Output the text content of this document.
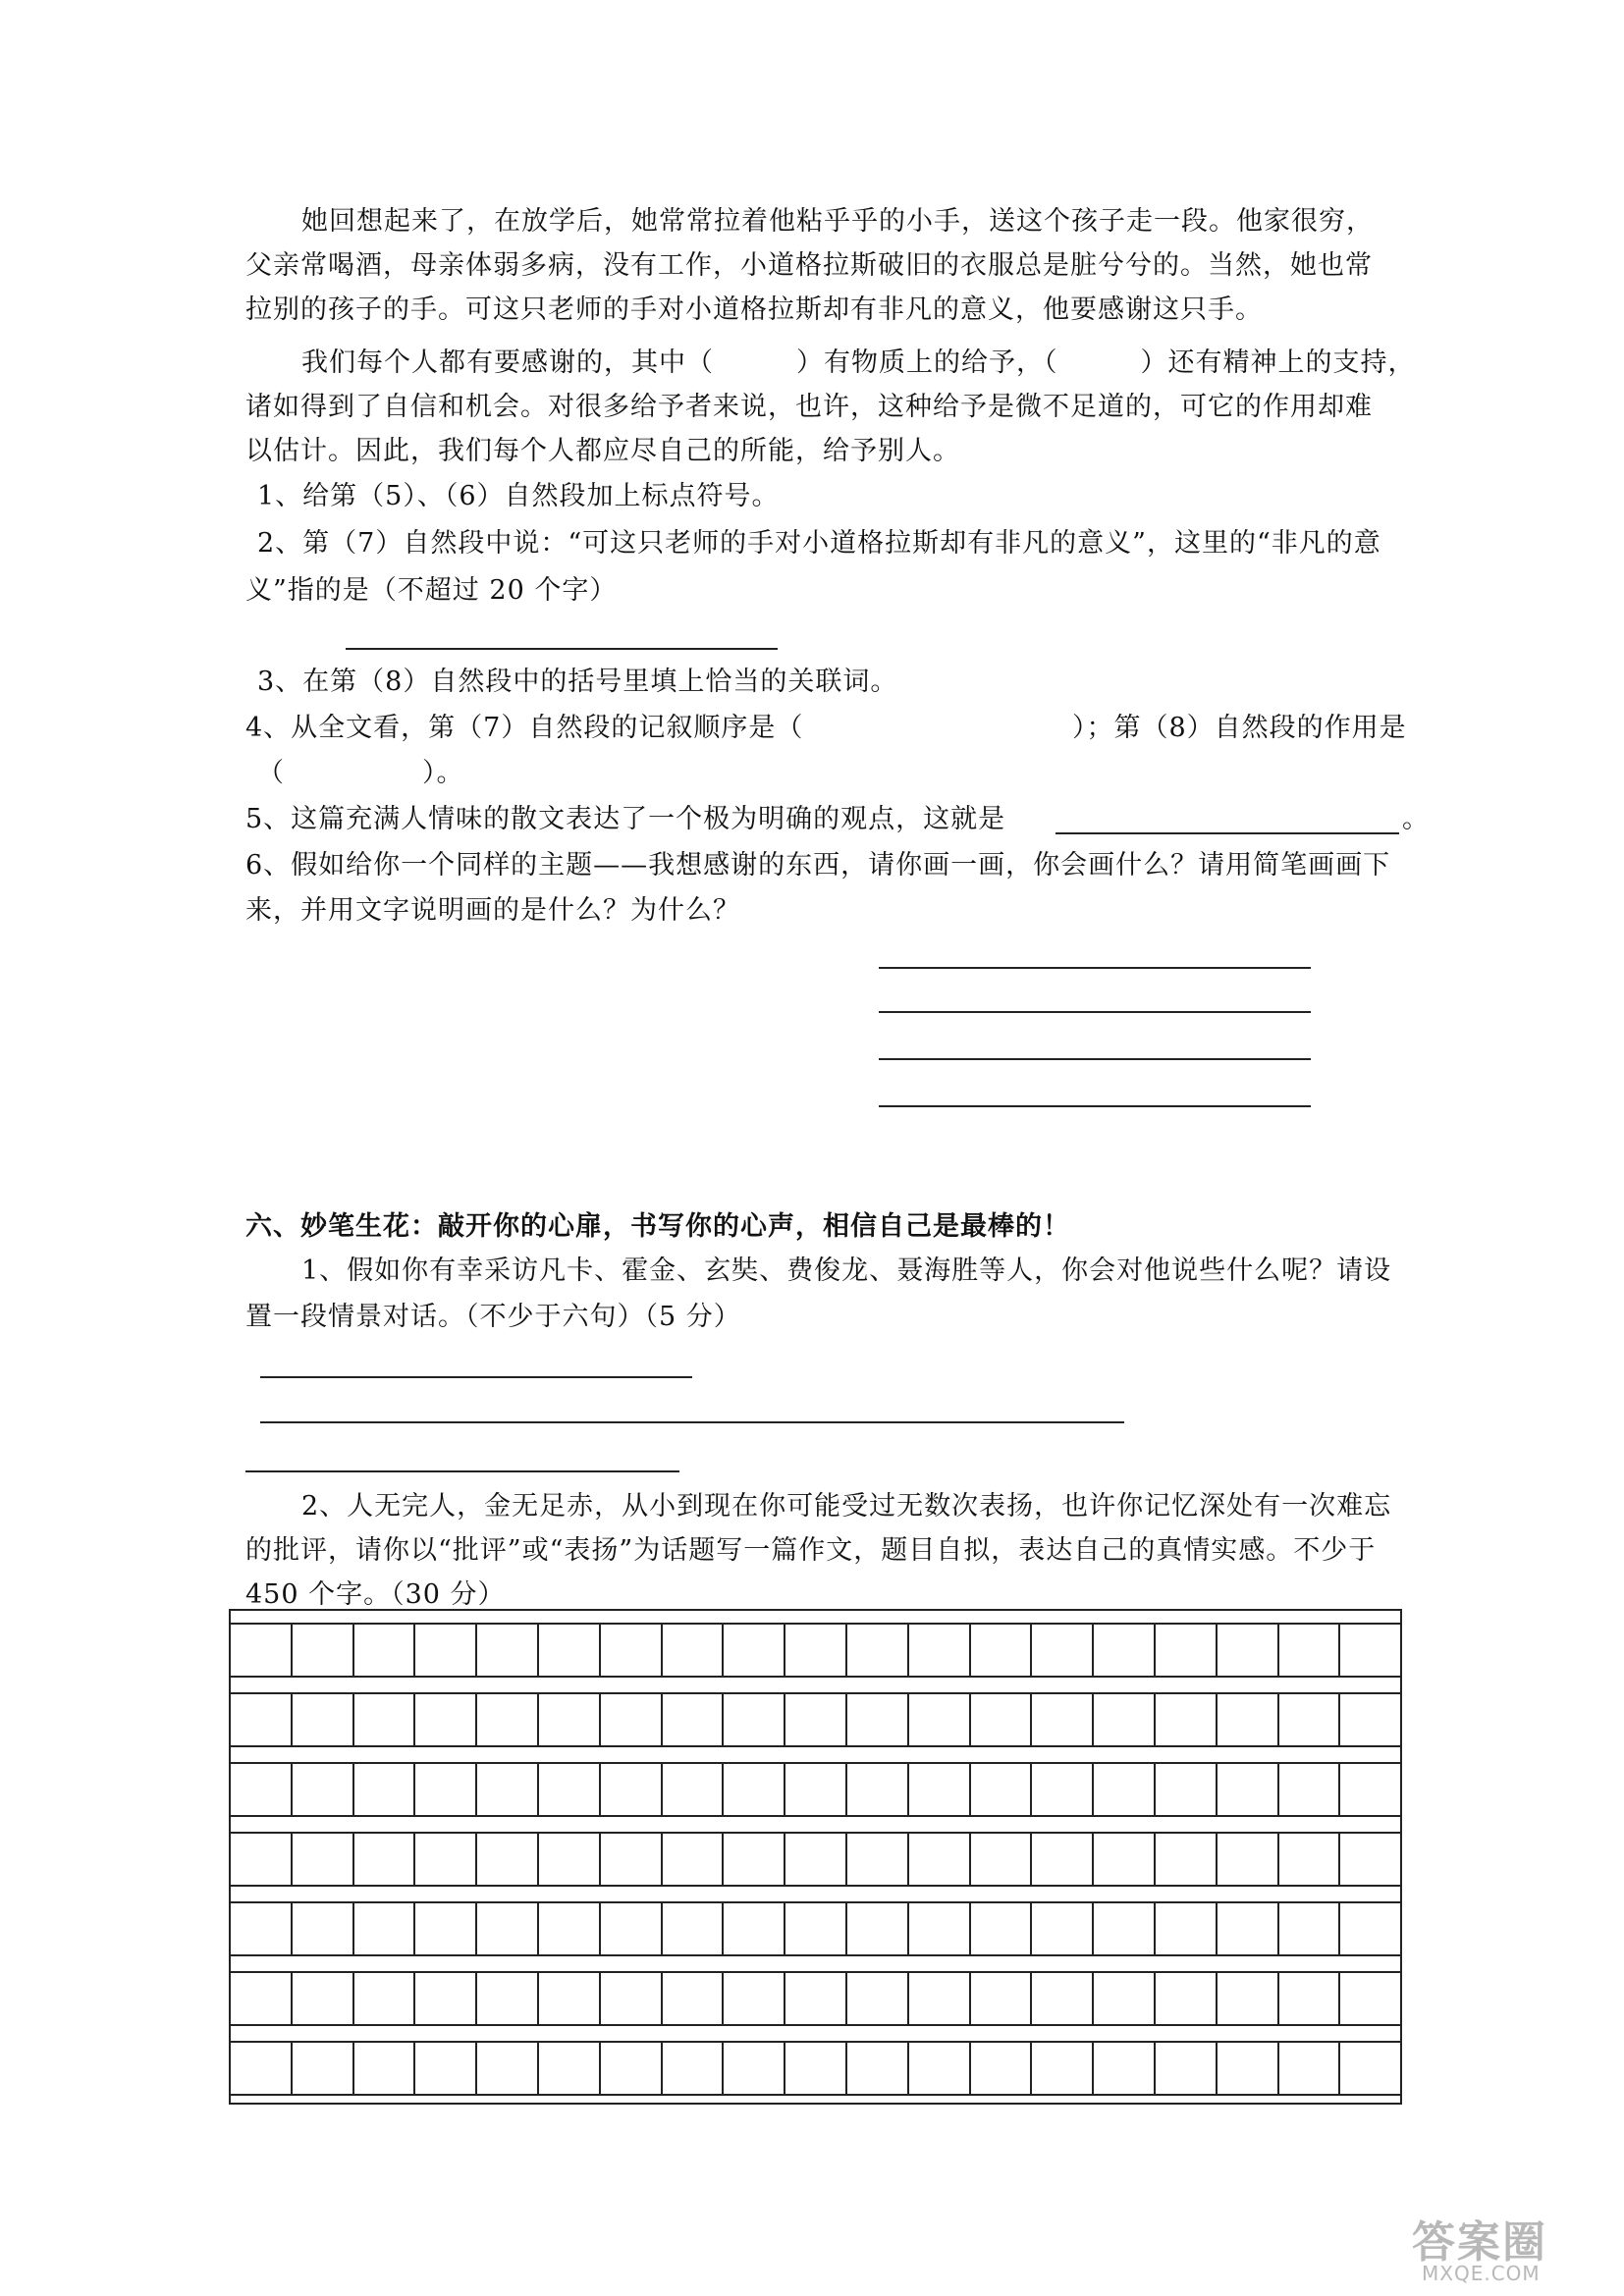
她回想起来了，在放学后，她常常拉着他粘乎乎的小手，送这个孩子走一段。他家很穷，
父亲常喝酒，母亲体弱多病，没有工作，小道格拉斯破旧的衣服总是脏兮兮的。当然，她也常
拉别的孩子的手。可这只老师的手对小道格拉斯却有非凡的意义，他要感谢这只手。
我们每个人都有要感谢的，其中（　　　）有物质上的给予，（　　　）还有精神上的支持，
诸如得到了自信和机会。对很多给予者来说，也许，这种给予是微不足道的，可它的作用却难
以估计。因此，我们每个人都应尽自己的所能，给予别人。
1、给第（5）、（6）自然段加上标点符号。
2、第（7）自然段中说：“可这只老师的手对小道格拉斯却有非凡的意义”，这里的“非凡的意
义”指的是（不超过 20 个字）
3、在第（8）自然段中的括号里填上恰当的关联词。
4、从全文看，第（7）自然段的记叙顺序是（	）；第（8）自然段的作用是
（　　　　　）。
5、这篇充满人情味的散文表达了一个极为明确的观点，这就是	。
6、假如给你一个同样的主题——我想感谢的东西，请你画一画，你会画什么？请用简笔画画下
来，并用文字说明画的是什么？为什么？
六、妙笔生花：敲开你的心扉，书写你的心声，相信自己是最棒的！
1、假如你有幸采访凡卡、霍金、玄奘、费俊龙、聂海胜等人，你会对他说些什么呢？请设
置一段情景对话。（不少于六句）（5 分）
2、人无完人，金无足赤，从小到现在你可能受过无数次表扬，也许你记忆深处有一次难忘
的批评，请你以“批评”或“表扬”为话题写一篇作文，题目自拟，表达自己的真情实感。不少于
450 个字。（30 分）
答案圈
MXQE.COM
